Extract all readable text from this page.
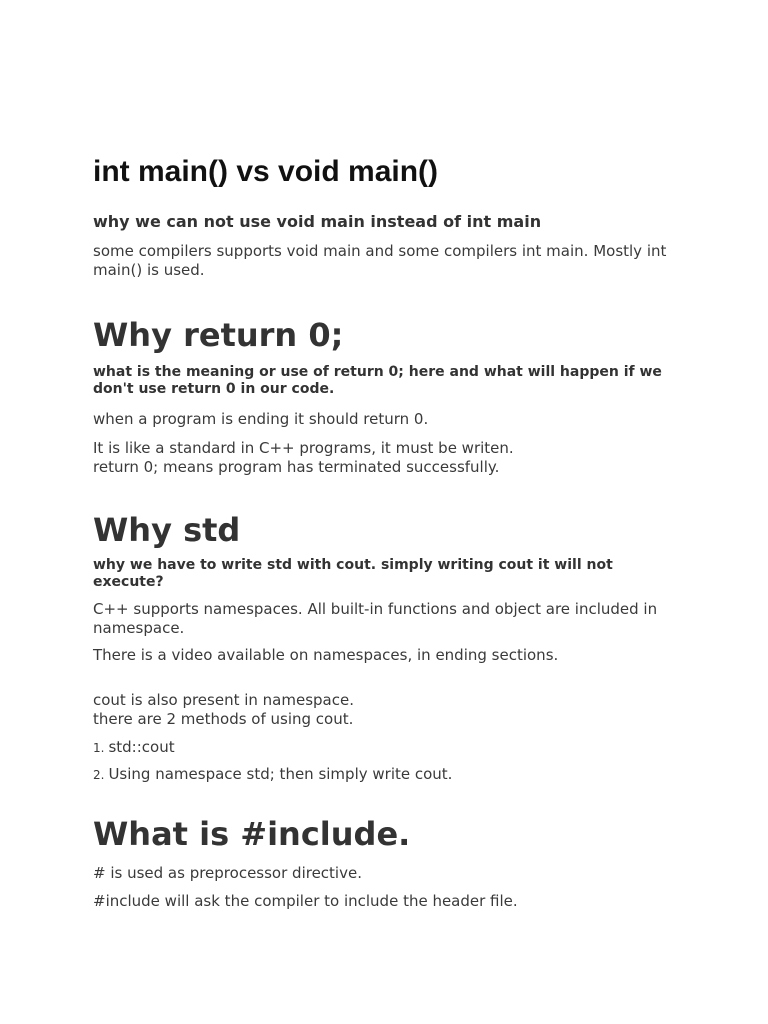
int main() vs void main()

why we can not use void main instead of int main

some compilers supports void main and some compilers int main. Mostly int main() is used.

Why return 0;

what is the meaning or use of return 0; here and what will happen if we don't use return 0 in our code.

when a program is ending it should return 0.

It is like a standard in C++ programs, it must be writen.

return 0; means program has terminated successfully.

Why std

why we have to write std with cout. simply writing cout it will not execute?

C++ supports namespaces. All built-in functions and object are included in namespace.

There is a video available on namespaces, in ending sections.

cout is also present in namespace.

there are 2 methods of using cout.

1. std::cout
2. Using namespace std; then simply write cout.
What is #include.

# is used as preprocessor directive.

#include will ask the compiler to include the header file.
